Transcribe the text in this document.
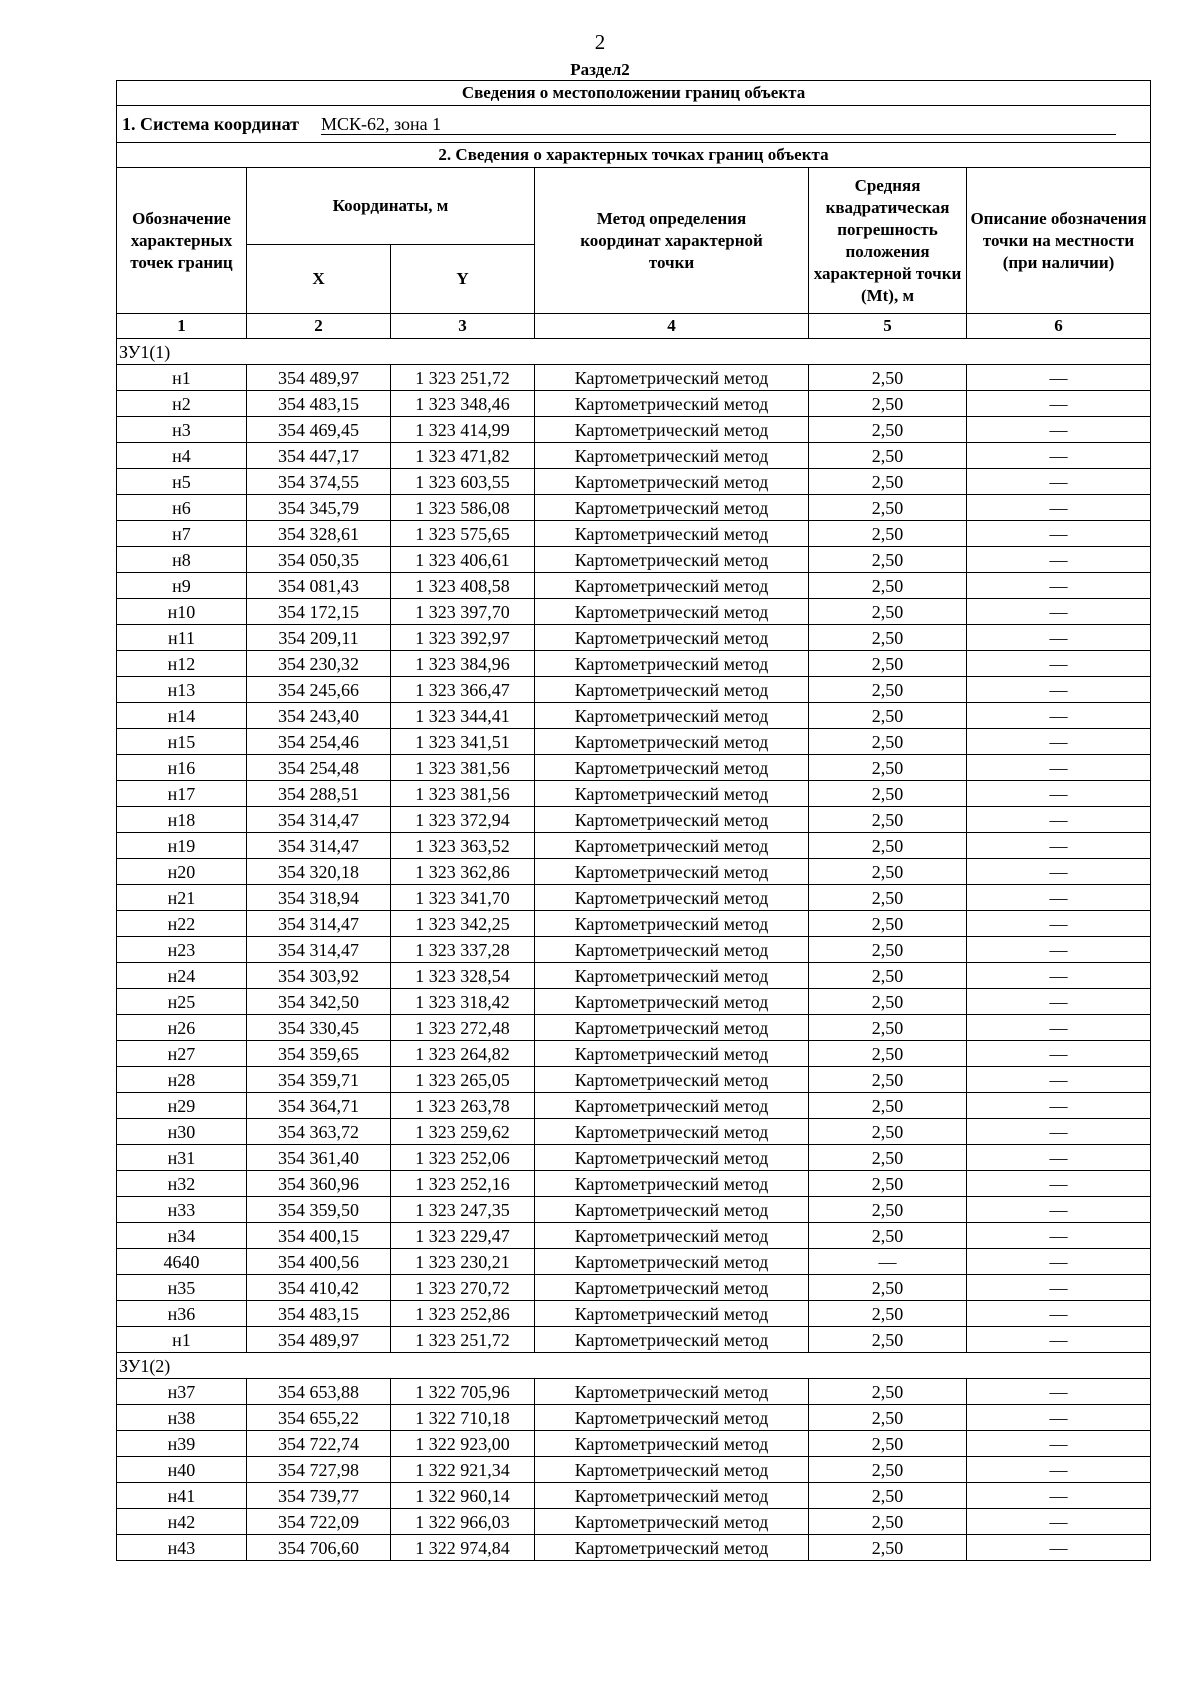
2
Раздел2
Сведения о местоположении границ объекта					
1. Система координат МСК-62, зона 1					
2. Сведения о характерных точках границ объекта					
Обозначение характерных точек границ	Координаты, м		Метод определения координат характерной точки	Средняя квадратическая погрешность положения характерной точки (Mt), м	Описание обозначения точки на местности (при наличии)
	X	Y			
1	2	3	4	5	6
ЗУ1(1)					
н1	354 489,97	1 323 251,72	Картометрический метод	2,50	—
н2	354 483,15	1 323 348,46	Картометрический метод	2,50	—
н3	354 469,45	1 323 414,99	Картометрический метод	2,50	—
н4	354 447,17	1 323 471,82	Картометрический метод	2,50	—
н5	354 374,55	1 323 603,55	Картометрический метод	2,50	—
н6	354 345,79	1 323 586,08	Картометрический метод	2,50	—
н7	354 328,61	1 323 575,65	Картометрический метод	2,50	—
н8	354 050,35	1 323 406,61	Картометрический метод	2,50	—
н9	354 081,43	1 323 408,58	Картометрический метод	2,50	—
н10	354 172,15	1 323 397,70	Картометрический метод	2,50	—
н11	354 209,11	1 323 392,97	Картометрический метод	2,50	—
н12	354 230,32	1 323 384,96	Картометрический метод	2,50	—
н13	354 245,66	1 323 366,47	Картометрический метод	2,50	—
н14	354 243,40	1 323 344,41	Картометрический метод	2,50	—
н15	354 254,46	1 323 341,51	Картометрический метод	2,50	—
н16	354 254,48	1 323 381,56	Картометрический метод	2,50	—
н17	354 288,51	1 323 381,56	Картометрический метод	2,50	—
н18	354 314,47	1 323 372,94	Картометрический метод	2,50	—
н19	354 314,47	1 323 363,52	Картометрический метод	2,50	—
н20	354 320,18	1 323 362,86	Картометрический метод	2,50	—
н21	354 318,94	1 323 341,70	Картометрический метод	2,50	—
н22	354 314,47	1 323 342,25	Картометрический метод	2,50	—
н23	354 314,47	1 323 337,28	Картометрический метод	2,50	—
н24	354 303,92	1 323 328,54	Картометрический метод	2,50	—
н25	354 342,50	1 323 318,42	Картометрический метод	2,50	—
н26	354 330,45	1 323 272,48	Картометрический метод	2,50	—
н27	354 359,65	1 323 264,82	Картометрический метод	2,50	—
н28	354 359,71	1 323 265,05	Картометрический метод	2,50	—
н29	354 364,71	1 323 263,78	Картометрический метод	2,50	—
н30	354 363,72	1 323 259,62	Картометрический метод	2,50	—
н31	354 361,40	1 323 252,06	Картометрический метод	2,50	—
н32	354 360,96	1 323 252,16	Картометрический метод	2,50	—
н33	354 359,50	1 323 247,35	Картометрический метод	2,50	—
н34	354 400,15	1 323 229,47	Картометрический метод	2,50	—
4640	354 400,56	1 323 230,21	Картометрический метод	—	—
н35	354 410,42	1 323 270,72	Картометрический метод	2,50	—
н36	354 483,15	1 323 252,86	Картометрический метод	2,50	—
н1	354 489,97	1 323 251,72	Картометрический метод	2,50	—
ЗУ1(2)					
н37	354 653,88	1 322 705,96	Картометрический метод	2,50	—
н38	354 655,22	1 322 710,18	Картометрический метод	2,50	—
н39	354 722,74	1 322 923,00	Картометрический метод	2,50	—
н40	354 727,98	1 322 921,34	Картометрический метод	2,50	—
н41	354 739,77	1 322 960,14	Картометрический метод	2,50	—
н42	354 722,09	1 322 966,03	Картометрический метод	2,50	—
н43	354 706,60	1 322 974,84	Картометрический метод	2,50	—
